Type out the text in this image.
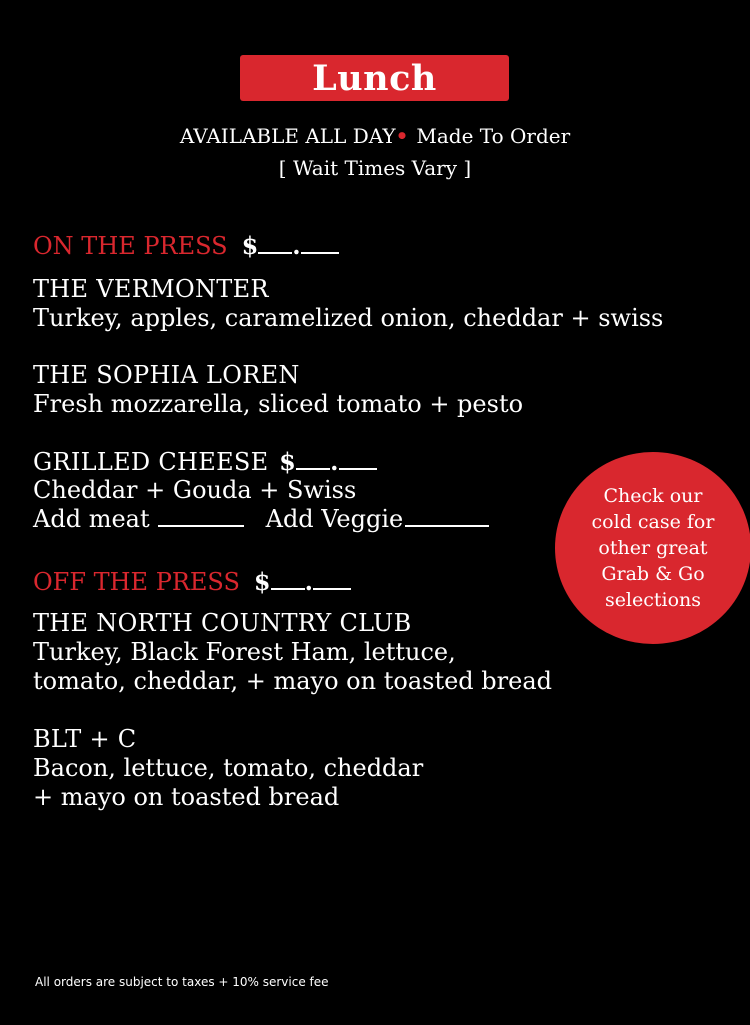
Lunch
AVAILABLE ALL DAY• Made To Order
[ Wait Times Vary ]
ON THE PRESS $ .
THE VERMONTER
Turkey, apples, caramelized onion, cheddar + swiss
THE SOPHIA LOREN
Fresh mozzarella, sliced tomato + pesto
GRILLED CHEESE $ .
Cheddar + Gouda + Swiss
Add meat	Add Veggie
OFF THE PRESS $ .
THE NORTH COUNTRY CLUB
Turkey, Black Forest Ham, lettuce,
tomato, cheddar, + mayo on toasted bread
BLT + C
Bacon, lettuce, tomato, cheddar
+ mayo on toasted bread
Check our
cold case for
other great
Grab & Go
selections
All orders are subject to taxes + 10% service fee
